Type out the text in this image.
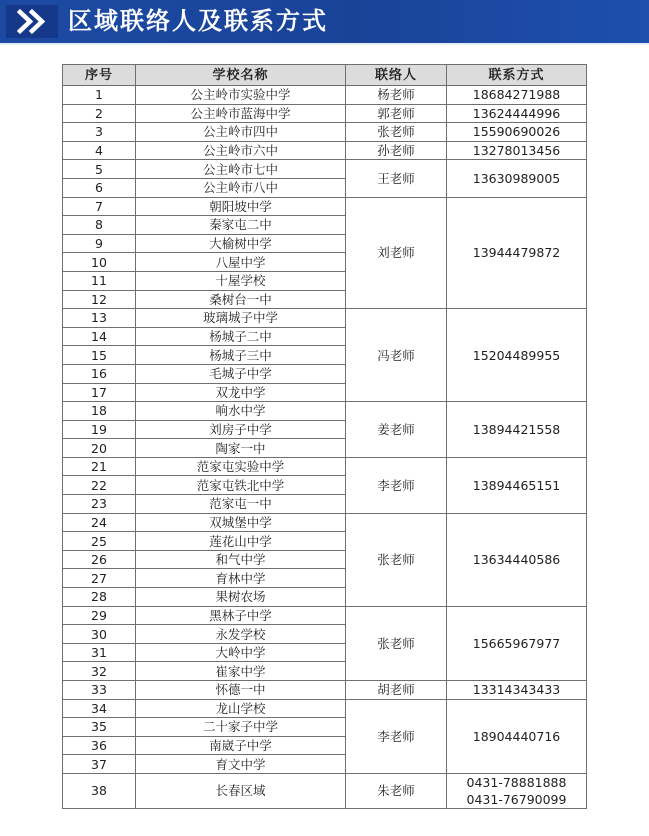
区域联络人及联系方式
序号	学校名称	联络人	联系方式
1	公主岭市实验中学	杨老师	18684271988

2	公主岭市蓝海中学	郭老师	13624444996

3	公主岭市四中	张老师	15590690026

4	公主岭市六中	孙老师	13278013456

5	公主岭市七中	王老师	13630989005

6	公主岭市八中		
7	朝阳坡中学	刘老师	13944479872

8	秦家屯二中		
9	大榆树中学		
10	八屋中学		
11	十屋学校		
12	桑树台一中		
13	玻璃城子中学	冯老师	15204489955

14	杨城子二中		
15	杨城子三中		
16	毛城子中学		
17	双龙中学		
18	响水中学	姜老师	13894421558

19	刘房子中学		
20	陶家一中		
21	范家屯实验中学	李老师	13894465151

22	范家屯铁北中学		
23	范家屯一中		
24	双城堡中学	张老师	13634440586

25	莲花山中学		
26	和气中学		
27	育林中学		
28	果树农场		
29	黑林子中学	张老师	15665967977

30	永发学校		
31	大岭中学		
32	崔家中学		
33	怀德一中	胡老师	13314343433

34	龙山学校	李老师	18904440716

35	二十家子中学		
36	南崴子中学		
37	育文中学		
38	长春区域	朱老师	0431-78881888
0431-76790099
